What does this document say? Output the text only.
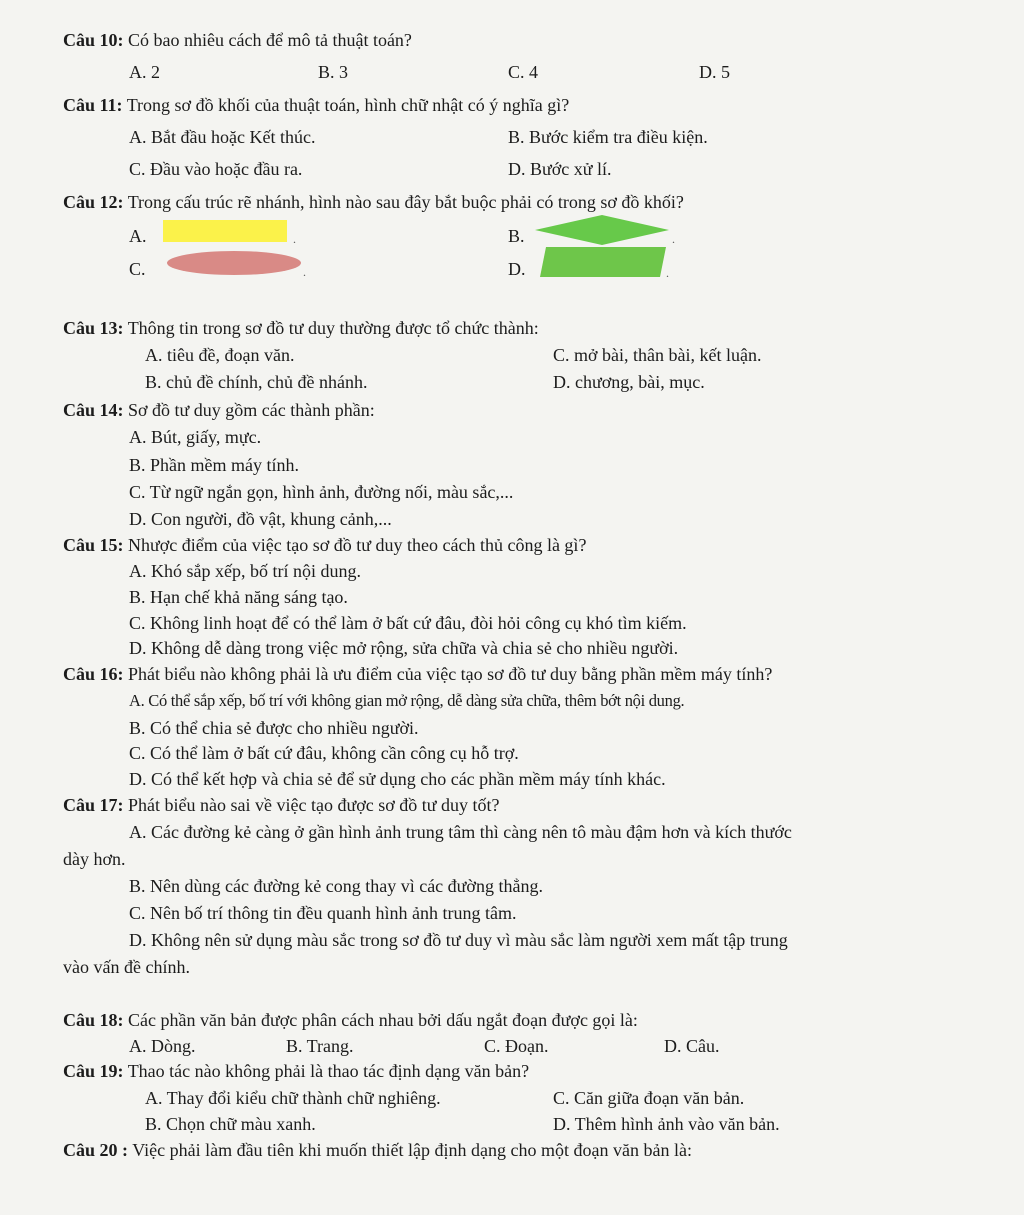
Câu 10: Có bao nhiêu cách để mô tả thuật toán?
A. 2	B. 3	C. 4	D. 5
Câu 11: Trong sơ đồ khối của thuật toán, hình chữ nhật có ý nghĩa gì?
A. Bắt đầu hoặc Kết thúc.	B. Bước kiểm tra điều kiện.
C. Đầu vào hoặc đầu ra.	D. Bước xử lí.
Câu 12: Trong cấu trúc rẽ nhánh, hình nào sau đây bắt buộc phải có trong sơ đồ khối?
A.	.	B.	.
C.	.	D.	.
Câu 13: Thông tin trong sơ đồ tư duy thường được tổ chức thành:
A. tiêu đề, đoạn văn.	C. mở bài, thân bài, kết luận.
B. chủ đề chính, chủ đề nhánh.	D. chương, bài, mục.
Câu 14: Sơ đồ tư duy gồm các thành phần:
A. Bút, giấy, mực.
B. Phần mềm máy tính.
C. Từ ngữ ngắn gọn, hình ảnh, đường nối, màu sắc,...
D. Con người, đồ vật, khung cảnh,...
Câu 15: Nhược điểm của việc tạo sơ đồ tư duy theo cách thủ công là gì?
A. Khó sắp xếp, bố trí nội dung.
B. Hạn chế khả năng sáng tạo.
C. Không linh hoạt để có thể làm ở bất cứ đâu, đòi hỏi công cụ khó tìm kiếm.
D. Không dễ dàng trong việc mở rộng, sửa chữa và chia sẻ cho nhiều người.
Câu 16: Phát biểu nào không phải là ưu điểm của việc tạo sơ đồ tư duy bằng phần mềm máy tính?
A. Có thể sắp xếp, bố trí với không gian mở rộng, dễ dàng sửa chữa, thêm bớt nội dung.
B. Có thể chia sẻ được cho nhiều người.
C. Có thể làm ở bất cứ đâu, không cần công cụ hỗ trợ.
D. Có thể kết hợp và chia sẻ để sử dụng cho các phần mềm máy tính khác.
Câu 17: Phát biểu nào sai về việc tạo được sơ đồ tư duy tốt?
A. Các đường kẻ càng ở gần hình ảnh trung tâm thì càng nên tô màu đậm hơn và kích thước
dày hơn.
B. Nên dùng các đường kẻ cong thay vì các đường thẳng.
C. Nên bố trí thông tin đều quanh hình ảnh trung tâm.
D. Không nên sử dụng màu sắc trong sơ đồ tư duy vì màu sắc làm người xem mất tập trung
vào vấn đề chính.
Câu 18: Các phần văn bản được phân cách nhau bởi dấu ngắt đoạn được gọi là:
A. Dòng.	B. Trang.	C. Đoạn.	D. Câu.
Câu 19: Thao tác nào không phải là thao tác định dạng văn bản?
A. Thay đổi kiểu chữ thành chữ nghiêng.	C. Căn giữa đoạn văn bản.
B. Chọn chữ màu xanh.	D. Thêm hình ảnh vào văn bản.
Câu 20 : Việc phải làm đầu tiên khi muốn thiết lập định dạng cho một đoạn văn bản là:
